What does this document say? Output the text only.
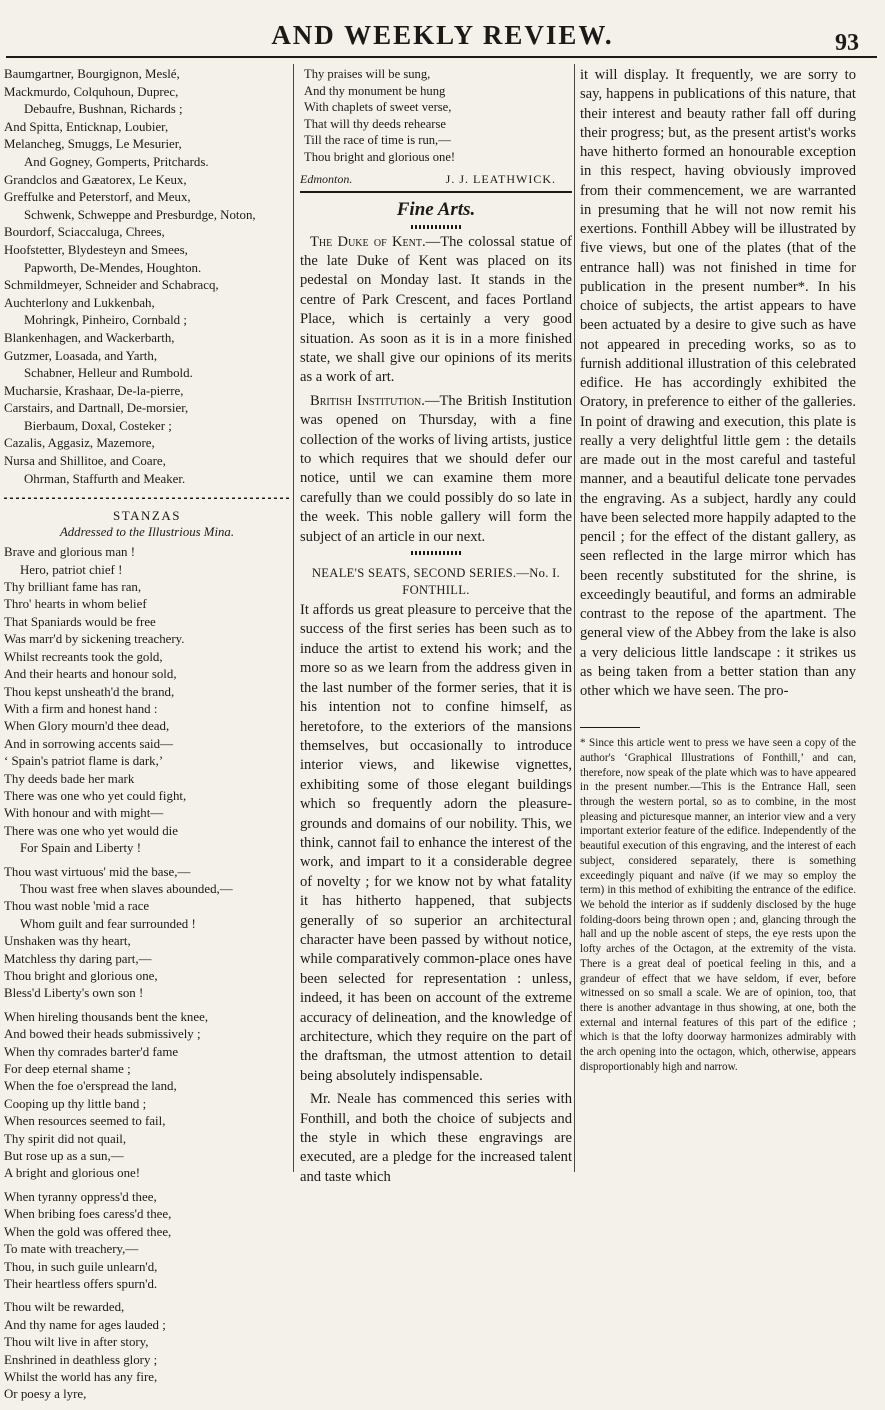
AND WEEKLY REVIEW.	93

Baumgartner, Bourgignon, Meslé,

Mackmurdo, Colquhoun, Duprec,

Debaufre, Bushnan, Richards ;

And Spitta, Enticknap, Loubier,

Melancheg, Smuggs, Le Mesurier,

And Gogney, Gomperts, Pritchards.

Grandclos and Gæatorex, Le Keux,

Greffulke and Peterstorf, and Meux,

Schwenk, Schweppe and Presburdge, Noton,

Bourdorf, Sciaccaluga, Chrees,

Hoofstetter, Blydesteyn and Smees,

Papworth, De-Mendes, Houghton.

Schmildmeyer, Schneider and Schabracq,

Auchterlony and Lukkenbah,

Mohringk, Pinheiro, Cornbald ;

Blankenhagen, and Wackerbarth,

Gutzmer, Loasada, and Yarth,

Schabner, Helleur and Rumbold.

Mucharsie, Krashaar, De-la-pierre,

Carstairs, and Dartnall, De-morsier,

Bierbaum, Doxal, Costeker ;

Cazalis, Aggasiz, Mazemore,

Nursa and Shillitoe, and Coare,

Ohrman, Staffurth and Meaker.

STANZAS
Addressed to the Illustrious Mina.

Brave and glorious man !

Hero, patriot chief !

Thy brilliant fame has ran,

Thro' hearts in whom belief

That Spaniards would be free

Was marr'd by sickening treachery.

Whilst recreants took the gold,

And their hearts and honour sold,

Thou kepst unsheath'd the brand,

With a firm and honest hand :

When Glory mourn'd thee dead,

And in sorrowing accents said—

‘ Spain's patriot flame is dark,’

Thy deeds bade her mark

There was one who yet could fight,

With honour and with might—

There was one who yet would die

For Spain and Liberty !

Thou wast virtuous' mid the base,—

Thou wast free when slaves abounded,—

Thou wast noble 'mid a race

Whom guilt and fear surrounded !

Unshaken was thy heart,

Matchless thy daring part,—

Thou bright and glorious one,

Bless'd Liberty's own son !

When hireling thousands bent the knee,

And bowed their heads submissively ;

When thy comrades barter'd fame

For deep eternal shame ;

When the foe o'erspread the land,

Cooping up thy little band ;

When resources seemed to fail,

Thy spirit did not quail,

But rose up as a sun,—

A bright and glorious one!

When tyranny oppress'd thee,

When bribing foes caress'd thee,

When the gold was offered thee,

To mate with treachery,—

Thou, in such guile unlearn'd,

Their heartless offers spurn'd.

Thou wilt be rewarded,

And thy name for ages lauded ;

Thou wilt live in after story,

Enshrined in deathless glory ;

Whilst the world has any fire,

Or poesy a lyre,

Thy praises will be sung,

And thy monument be hung

With chaplets of sweet verse,

That will thy deeds rehearse

Till the race of time is run,—

Thou bright and glorious one!

Edmonton.	J. J. LEATHWICK.
Fine Arts.

The Duke of Kent.—The colossal statue of the late Duke of Kent was placed on its pedestal on Monday last. It stands in the centre of Park Crescent, and faces Portland Place, which is certainly a very good situation. As soon as it is in a more finished state, we shall give our opinions of its merits as a work of art.

British Institution.—The British Institution was opened on Thursday, with a fine collection of the works of living artists, justice to which requires that we should defer our notice, until we can examine them more carefully than we could possibly do so late in the week. This noble gallery will form the subject of an article in our next.

NEALE'S SEATS, SECOND SERIES.—No. I.
FONTHILL.

It affords us great pleasure to perceive that the success of the first series has been such as to induce the artist to extend his work; and the more so as we learn from the address given in the last number of the former series, that it is his intention not to confine himself, as heretofore, to the exteriors of the mansions themselves, but occasionally to introduce interior views, and likewise vignettes, exhibiting some of those elegant buildings which so frequently adorn the pleasure-grounds and domains of our nobility. This, we think, cannot fail to enhance the interest of the work, and impart to it a considerable degree of novelty ; for we know not by what fatality it has hitherto happened, that subjects generally of so superior an architectural character have been passed by without notice, while comparatively common-place ones have been selected for representation : unless, indeed, it has been on account of the extreme accuracy of delineation, and the knowledge of architecture, which they require on the part of the draftsman, the utmost attention to detail being absolutely indispensable.

Mr. Neale has commenced this series with Fonthill, and both the choice of subjects and the style in which these engravings are executed, are a pledge for the increased talent and taste which

it will display. It frequently, we are sorry to say, happens in publications of this nature, that their interest and beauty rather fall off during their progress; but, as the present artist's works have hitherto formed an honourable exception in this respect, having obviously improved from their commencement, we are warranted in presuming that he will not now remit his exertions. Fonthill Abbey will be illustrated by five views, but one of the plates (that of the entrance hall) was not finished in time for publication in the present number*. In his choice of subjects, the artist appears to have been actuated by a desire to give such as have not appeared in preceding works, so as to furnish additional illustration of this celebrated edifice. He has accordingly exhibited the Oratory, in preference to either of the galleries. In point of drawing and execution, this plate is really a very delightful little gem : the details are made out in the most careful and tasteful manner, and a beautiful delicate tone pervades the engraving. As a subject, hardly any could have been selected more happily adapted to the pencil ; for the effect of the distant gallery, as seen reflected in the large mirror which has been recently substituted for the shrine, is exceedingly beautiful, and forms an admirable contrast to the repose of the apartment. The general view of the Abbey from the lake is also a very delicious little landscape : it strikes us as being taken from a better station than any other which we have seen. The pro-

* Since this article went to press we have seen a copy of the author's ‘Graphical Illustrations of Fonthill,’ and can, therefore, now speak of the plate which was to have appeared in the present number.—This is the Entrance Hall, seen through the western portal, so as to combine, in the most pleasing and picturesque manner, an interior view and a very important exterior feature of the edifice. Independently of the beautiful execution of this engraving, and the interest of each subject, considered separately, there is something exceedingly piquant and naïve (if we may so employ the term) in this method of exhibiting the entrance of the edifice. We behold the interior as if suddenly disclosed by the huge folding-doors being thrown open ; and, glancing through the hall and up the noble ascent of steps, the eye rests upon the lofty arches of the Octagon, at the extremity of the vista. There is a great deal of poetical feeling in this, and a grandeur of effect that we have seldom, if ever, before witnessed on so small a scale. We are of opinion, too, that there is another advantage in thus showing, at one, both the external and internal features of this part of the edifice ; which is that the lofty doorway harmonizes admirably with the arch opening into the octagon, which, otherwise, appears disproportionably high and narrow.
